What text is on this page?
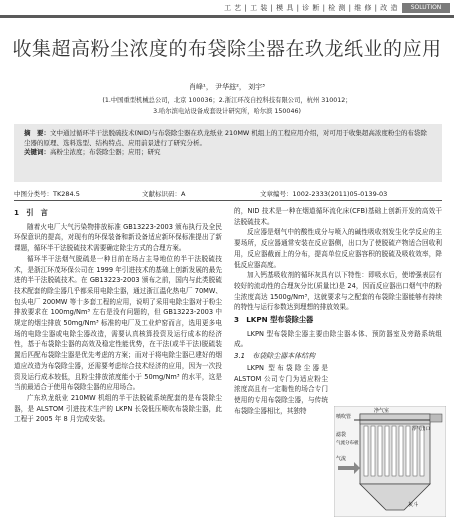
工 艺 | 工 装 | 模 具 | 诊 断 | 检 测 | 维 修 | 改 造	SOLUTION
收集超高粉尘浓度的布袋除尘器在玖龙纸业的应用
肖峰¹， 尹华玆²， 刘宇³
(1.中国重型机械总公司，北京 100036；2.浙江环茂自控科技有限公司，杭州 310012；
3.哈尔滨电站设备成套设计研究所，哈尔滨 150046)
摘　要：文中通过循环半干法脱硫技术(NID)与布袋除尘器在玖龙纸业 210MW 机组上的工程应用介绍，对可用于收集超高浓度粉尘的布袋除尘器的原理、选料选型、结构特点、应用前景进行了研究分析。
关键词：高粉尘浓度；布袋除尘器；应用；研究
中图分类号：TK284.5	文献标识码：A	文章编号：1002-2333(2011)05-0139-03
1　引　言

随着火电厂大气污染物排放标准 GB13223-2003 颁布执行及全民环保意识的提高，对现有的环保装备和新设备适应新环保标准提出了新课题，循环半干法脱硫技术需要确定除尘方式的合理方案。

循环半干法烟气脱硫是一种目前在场占主导地位的半干法脱硫技术，是浙江环茂环保公司在 1999 年引进技术的基础上创新发展的最先进的半干法脱硫技术。在 GB13223-2003 颁布之前，国内与此类脱硫技术配套的除尘器几乎都采用电除尘器，通过浙江温化热电厂 70MW、包头电厂 200MW 等十多套工程的应用，说明了采用电除尘器对于粉尘排放要求在 100mg/Nm³ 左右是没有问题的，但 GB13223-2003 中规定的烟尘排放 50mg/Nm³ 标准的电厂及工业炉窑而言，选用更多电场的电除尘器或电除尘器改造，需要认真核算投资及运行成本的经济性，基于布袋除尘器的高效及稳定性能优势，在干法(或半干法)脱硫装置后匹配布袋除尘器是优先考虑的方案；而对于将电除尘器已建好的烟道应改造为布袋除尘器，还需要考虑综合技术经济的应用，因为一次投资及运行成本较低，且粉尘排放浓度能小于 50mg/Nm³ 的水平，这是当前最适合于使用布袋除尘器的应用场合。

广东玖龙纸业 210MW 机组的半干法脱硫系统配套的是布袋除尘器，是 ALSTOM 引进技术生产的 LKPN 长袋低压喷吹布袋除尘器，此工程于 2005 年 8 月完成安装。

的，NID 技术是一种在烟道循环流化床(CFB)基础上创新开发的高效干法脱硫技术。

反应器是烟气中的酸性成分与喷入的碱性吸收剂发生化学反应的主要场所，反应器通常安装在反应器侧，出口为了使脱硫产物适合回收利用，反应器截面上的分布，提高单位反应器容积的脱硫及吸收效率，降低反应器高度。

加入钙基吸收剂的循环灰具有以下特性：即吸水后，使增强表层有较好的流动性的合理灰分比(质量比)是 24，因而反应器出口烟气中的粉尘浓度高达 1500g/Nm³，这就要求与之配套的布袋除尘器能够有持续的特性与运行参数达到理想的排放效果。

3　LKPN 型布袋除尘器

LKPN 型布袋除尘器主要由除尘器本体、预防器室及旁路系统组成。

3.1　布袋除尘器本体结构

LKPN 型布袋除尘器是 ALSTOM 公司专门为适应粉尘浓度高且有一定黏性的场合专门使用的专用布袋除尘器，与传统布袋除尘器相比，其独特	净气室
喷吹管
气流
气流分布板
滤袋
净气出口
灰斗
